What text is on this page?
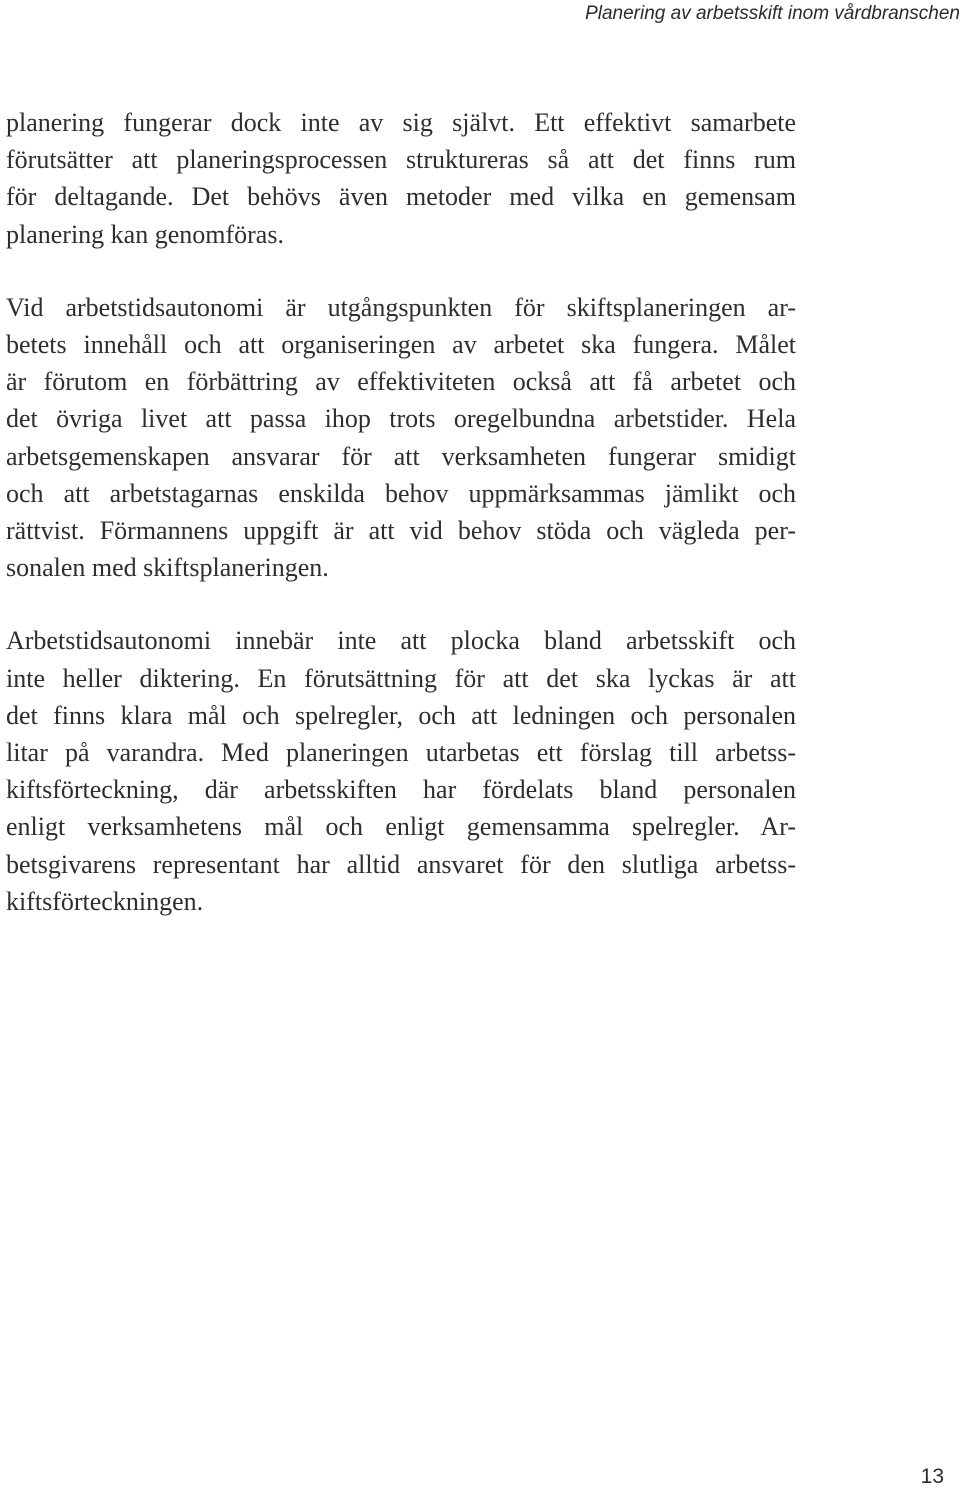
Planering av arbetsskift inom vårdbranschen

planering fungerar dock inte av sig självt. Ett effektivt samarbete
förutsätter att planeringsprocessen struktureras så att det finns rum
för deltagande. Det behövs även metoder med vilka en gemensam
planering kan genomföras.

Vid arbetstidsautonomi är utgångspunkten för skiftsplaneringen ar-
betets innehåll och att organiseringen av arbetet ska fungera. Målet
är förutom en förbättring av effektiviteten också att få arbetet och
det övriga livet att passa ihop trots oregelbundna arbetstider. Hela
arbetsgemenskapen ansvarar för att verksamheten fungerar smidigt
och att arbetstagarnas enskilda behov uppmärksammas jämlikt och
rättvist. Förmannens uppgift är att vid behov stöda och vägleda per-
sonalen med skiftsplaneringen.

Arbetstidsautonomi innebär inte att plocka bland arbetsskift och
inte heller diktering. En förutsättning för att det ska lyckas är att
det finns klara mål och spelregler, och att ledningen och personalen
litar på varandra. Med planeringen utarbetas ett förslag till arbetss-
kiftsförteckning, där arbetsskiften har fördelats bland personalen
enligt verksamhetens mål och enligt gemensamma spelregler. Ar-
betsgivarens representant har alltid ansvaret för den slutliga arbetss-
kiftsförteckningen.

13
